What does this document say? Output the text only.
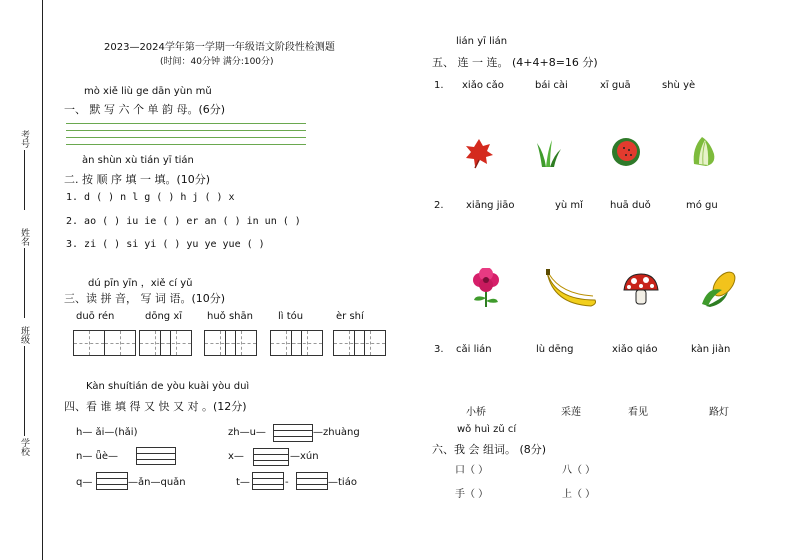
考号
姓名
班级
学校
2023—2024学年第一学期一年级语文阶段性检测题
(时间：40分钟 满分:100分)
mò xiě liù ge dān yùn mǔ
一、 默 写 六 个 单 韵 母。(6分)
àn shùn xù tián yī tián
二. 按 顺 序 填 一 填。(10分)
1. d ( ) n l g ( ) h j ( ) x
2. ao ( ) iu ie ( ) er an ( ) in un ( )
3. zi ( ) si yi ( ) yu ye yue ( )
dú pīn yīn ，xiě cí yǔ
三、读 拼 音， 写 词 语。(10分)
duō rén	dōng xī huǒ shān	lì tóu	èr shí
Kàn shuítián de yòu kuài yòu duì
四、看 谁 填 得 又 快 又 对 。(12分)
h— ǎi—(hǎi)	zh—u—	—zhuàng
n— ǖè—	x—	—xún
q—	—ǎn—quǎn	t—	-	—tiáo
lián yī lián
五、 连 一 连。 (4+4+8=16 分)
1. xiǎo cǎo	bái cài	xī guā	shù yè
2. xiāng jiāo	yù mǐ	huā duǒ	mó gu
3. cǎi lián	lù dēng	xiǎo qiáo	kàn jiàn
小桥	采莲	看见	路灯
wǒ huì zǔ cí
六、我 会 组词。 (8分)
口（ ）	八（ ）
手（ ）	上（ ）
